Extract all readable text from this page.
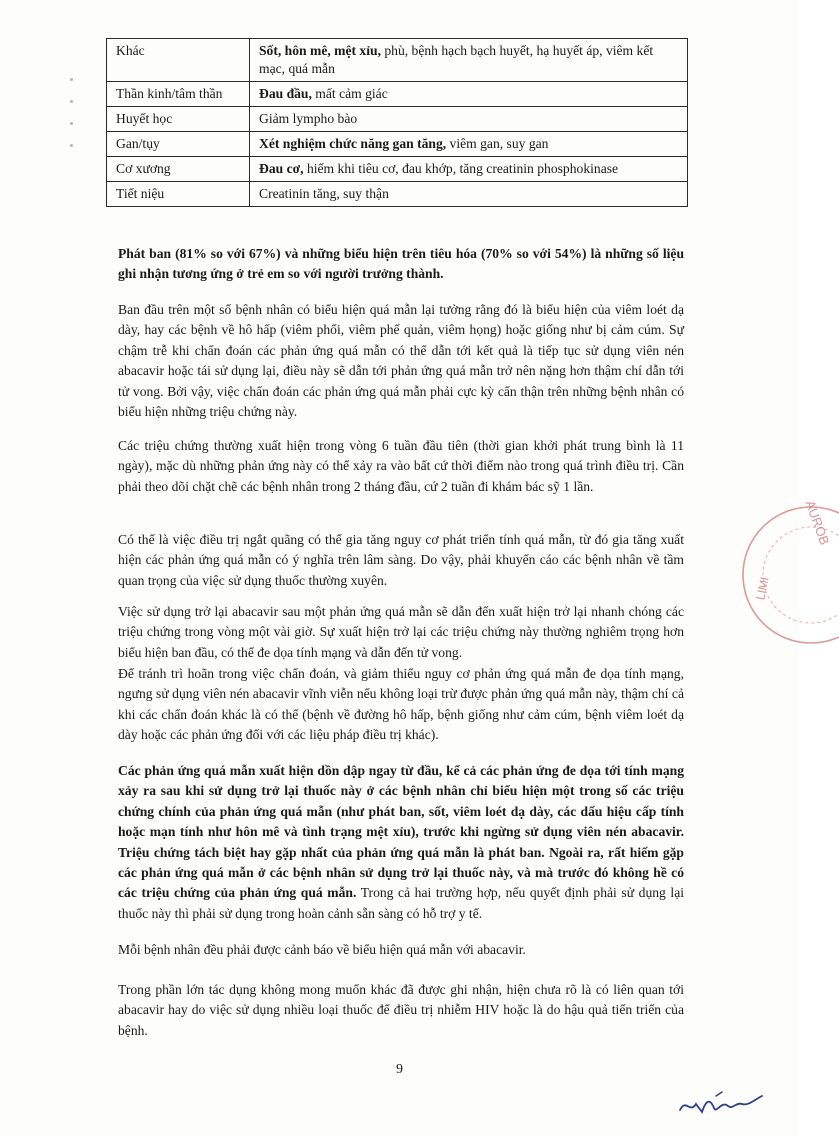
Khác	Sốt, hôn mê, mệt xỉu, phù, bệnh hạch bạch huyết, hạ huyết áp, viêm kết mạc, quá mẫn
Thần kinh/tâm thần	Đau đầu, mất cảm giác
Huyết học	Giảm lympho bào
Gan/tụy	Xét nghiệm chức năng gan tăng, viêm gan, suy gan
Cơ xương	Đau cơ, hiếm khi tiêu cơ, đau khớp, tăng creatinin phosphokinase
Tiết niệu	Creatinin tăng, suy thận

Phát ban (81% so với 67%) và những biểu hiện trên tiêu hóa (70% so với 54%) là những số liệu ghi nhận tương ứng ở trẻ em so với người trưởng thành.

Ban đầu trên một số bệnh nhân có biểu hiện quá mẫn lại tưởng rằng đó là biểu hiện của viêm loét dạ dày, hay các bệnh về hô hấp (viêm phổi, viêm phế quản, viêm họng) hoặc giống như bị cảm cúm. Sự chậm trễ khi chẩn đoán các phản ứng quá mẫn có thể dẫn tới kết quả là tiếp tục sử dụng viên nén abacavir hoặc tái sử dụng lại, điều này sẽ dẫn tới phản ứng quá mẫn trở nên nặng hơn thậm chí dẫn tới tử vong. Bởi vậy, việc chẩn đoán các phản ứng quá mẫn phải cực kỳ cẩn thận trên những bệnh nhân có biểu hiện những triệu chứng này.

Các triệu chứng thường xuất hiện trong vòng 6 tuần đầu tiên (thời gian khởi phát trung bình là 11 ngày), mặc dù những phản ứng này có thể xảy ra vào bất cứ thời điểm nào trong quá trình điều trị. Cần phải theo dõi chặt chẽ các bệnh nhân trong 2 tháng đầu, cứ 2 tuần đi khám bác sỹ 1 lần.

Có thể là việc điều trị ngắt quãng có thể gia tăng nguy cơ phát triển tính quá mẫn, từ đó gia tăng xuất hiện các phản ứng quá mẫn có ý nghĩa trên lâm sàng. Do vậy, phải khuyến cáo các bệnh nhân về tầm quan trọng của việc sử dụng thuốc thường xuyên.

Việc sử dụng trở lại abacavir sau một phản ứng quá mẫn sẽ dẫn đến xuất hiện trở lại nhanh chóng các triệu chứng trong vòng một vài giờ. Sự xuất hiện trở lại các triệu chứng này thường nghiêm trọng hơn biểu hiện ban đầu, có thể đe dọa tính mạng và dẫn đến tử vong.

Để tránh trì hoãn trong việc chẩn đoán, và giảm thiểu nguy cơ phản ứng quá mẫn đe dọa tính mạng, ngưng sử dụng viên nén abacavir vĩnh viễn nếu không loại trừ được phản ứng quá mẫn này, thậm chí cả khi các chẩn đoán khác là có thể (bệnh về đường hô hấp, bệnh giống như cảm cúm, bệnh viêm loét dạ dày hoặc các phản ứng đối với các liệu pháp điều trị khác).

Các phản ứng quá mẫn xuất hiện dồn dập ngay từ đầu, kể cả các phản ứng đe dọa tới tính mạng xảy ra sau khi sử dụng trở lại thuốc này ở các bệnh nhân chỉ biểu hiện một trong số các triệu chứng chính của phản ứng quá mẫn (như phát ban, sốt, viêm loét dạ dày, các dấu hiệu cấp tính hoặc mạn tính như hôn mê và tình trạng mệt xỉu), trước khi ngừng sử dụng viên nén abacavir. Triệu chứng tách biệt hay gặp nhất của phản ứng quá mẫn là phát ban. Ngoài ra, rất hiếm gặp các phản ứng quá mẫn ở các bệnh nhân sử dụng trở lại thuốc này, và mà trước đó không hề có các triệu chứng của phản ứng quá mẫn. Trong cả hai trường hợp, nếu quyết định phải sử dụng lại thuốc này thì phải sử dụng trong hoàn cảnh sẵn sàng có hỗ trợ y tế.

Mỗi bệnh nhân đều phải được cảnh báo về biểu hiện quá mẫn với abacavir.

Trong phần lớn tác dụng không mong muốn khác đã được ghi nhận, hiện chưa rõ là có liên quan tới abacavir hay do việc sử dụng nhiều loại thuốc để điều trị nhiễm HIV hoặc là do hậu quả tiến triển của bệnh.

9
LIMI
AUROB
